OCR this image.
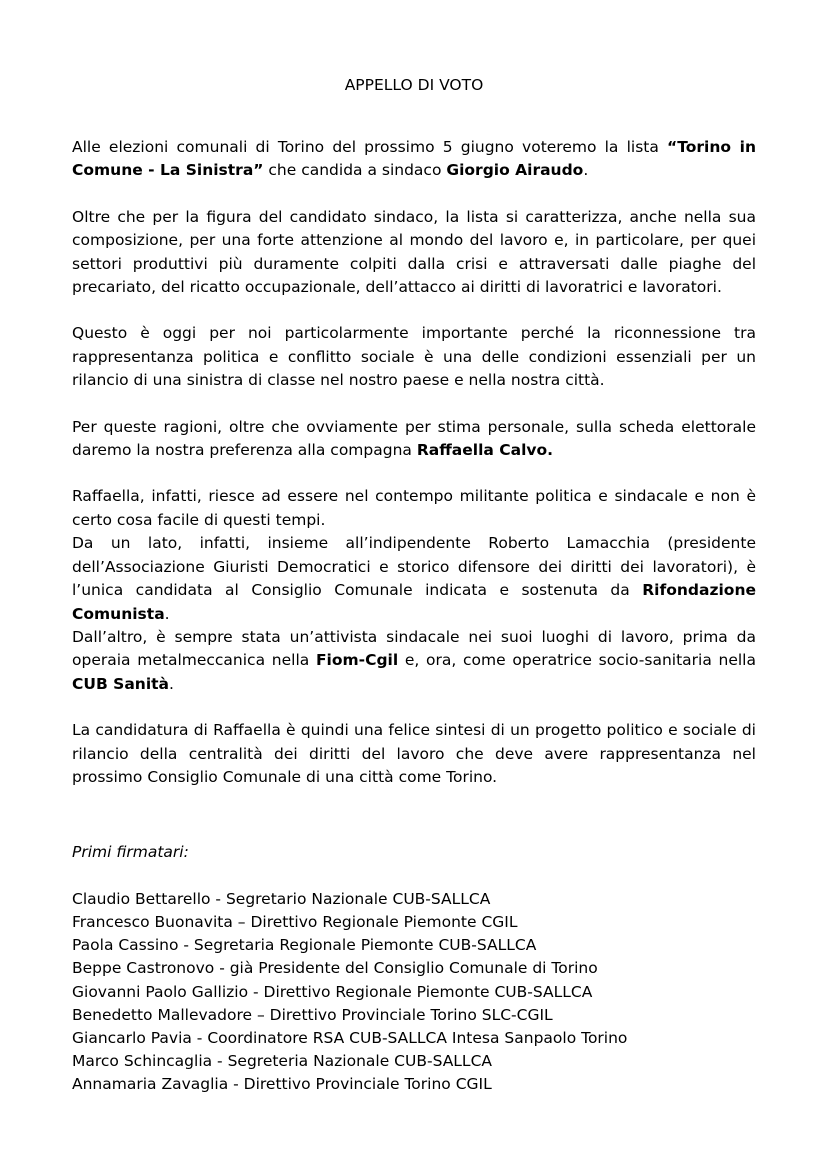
APPELLO DI VOTO

Alle elezioni comunali di Torino del prossimo 5 giugno voteremo la lista “Torino in Comune - La Sinistra” che candida a sindaco Giorgio Airaudo.

Oltre che per la figura del candidato sindaco, la lista si caratterizza, anche nella sua composizione, per una forte attenzione al mondo del lavoro e, in particolare, per quei settori produttivi più duramente colpiti dalla crisi e attraversati dalle piaghe del precariato, del ricatto occupazionale, dell’attacco ai diritti di lavoratrici e lavoratori.

Questo è oggi per noi particolarmente importante perché la riconnessione tra rappresentanza politica e conflitto sociale è una delle condizioni essenziali per un rilancio di una sinistra di classe nel nostro paese e nella nostra città.

Per queste ragioni, oltre che ovviamente per stima personale, sulla scheda elettorale daremo la nostra preferenza alla compagna Raffaella Calvo.

Raffaella, infatti, riesce ad essere nel contempo militante politica e sindacale e non è certo cosa facile di questi tempi.
Da un lato, infatti, insieme all’indipendente Roberto Lamacchia (presidente dell’Associazione Giuristi Democratici e storico difensore dei diritti dei lavoratori), è l’unica candidata al Consiglio Comunale indicata e sostenuta da Rifondazione Comunista.
Dall’altro, è sempre stata un’attivista sindacale nei suoi luoghi di lavoro, prima da operaia metalmeccanica nella Fiom-Cgil e, ora, come operatrice socio-sanitaria nella CUB Sanità.

La candidatura di Raffaella è quindi una felice sintesi di un progetto politico e sociale di rilancio della centralità dei diritti del lavoro che deve avere rappresentanza nel prossimo Consiglio Comunale di una città come Torino.

Primi firmatari:
Claudio Bettarello - Segretario Nazionale CUB-SALLCA
Francesco Buonavita – Direttivo Regionale Piemonte CGIL
Paola Cassino - Segretaria Regionale Piemonte CUB-SALLCA
Beppe Castronovo - già Presidente del Consiglio Comunale di Torino
Giovanni Paolo Gallizio - Direttivo Regionale Piemonte CUB-SALLCA
Benedetto Mallevadore – Direttivo Provinciale Torino SLC-CGIL
Giancarlo Pavia - Coordinatore RSA CUB-SALLCA Intesa Sanpaolo Torino
Marco Schincaglia - Segreteria Nazionale CUB-SALLCA
Annamaria Zavaglia - Direttivo Provinciale Torino CGIL
